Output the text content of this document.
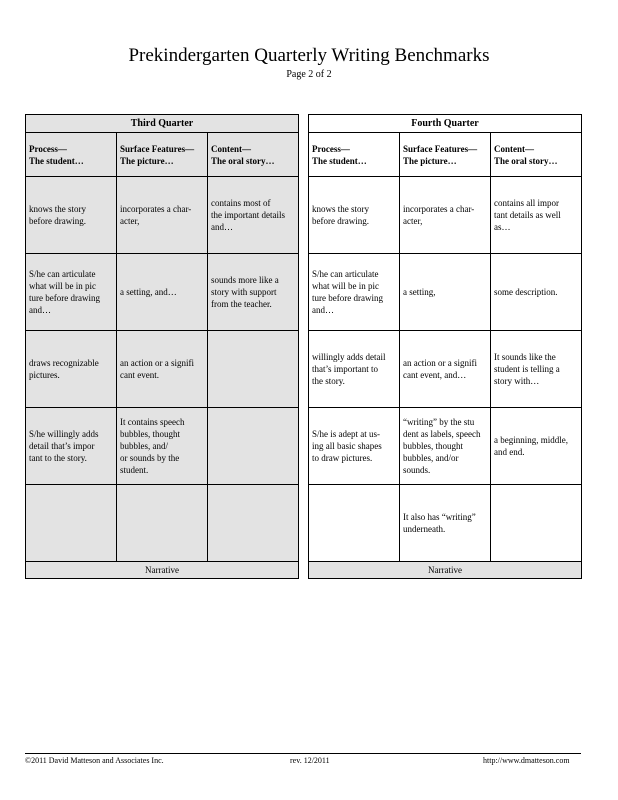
Prekindergarten Quarterly Writing Benchmarks
Page 2 of 2
Third Quarter		

Process—
The student…	Surface Features—
The picture…	Content—
The oral story…

knows the story
before drawing.	incorporates a char-
acter,	contains most of
the important details
and…

S/he can articulate
what will be in pic
ture before drawing
and…	a setting, and…	sounds more like a
story with support
from the teacher.

draws recognizable
pictures.	an action or a signifi
cant event.	

S/he willingly adds
detail that’s impor
tant to the story.	It contains speech
bubbles, thought
bubbles, and/
or sounds by the
student.	

Narrative		
Fourth Quarter		

Process—
The student…	Surface Features—
The picture…	Content—
The oral story…

knows the story
before drawing.	incorporates a char-
acter,	contains all impor
tant details as well
as…

S/he can articulate
what will be in pic
ture before drawing
and…	a setting,	some description.

willingly adds detail
that’s important to
the story.	an action or a signifi
cant event, and…	It sounds like the
student is telling a
story with…

S/he is adept at us-
ing all basic shapes
to draw pictures.	“writing” by the stu
dent as labels, speech
bubbles, thought
bubbles, and/or
sounds.	a beginning, middle,
and end.

	It also has “writing”
underneath.	

Narrative		
©2011 David Matteson and Associates Inc.	rev. 12/2011	http://www.dmatteson.com
